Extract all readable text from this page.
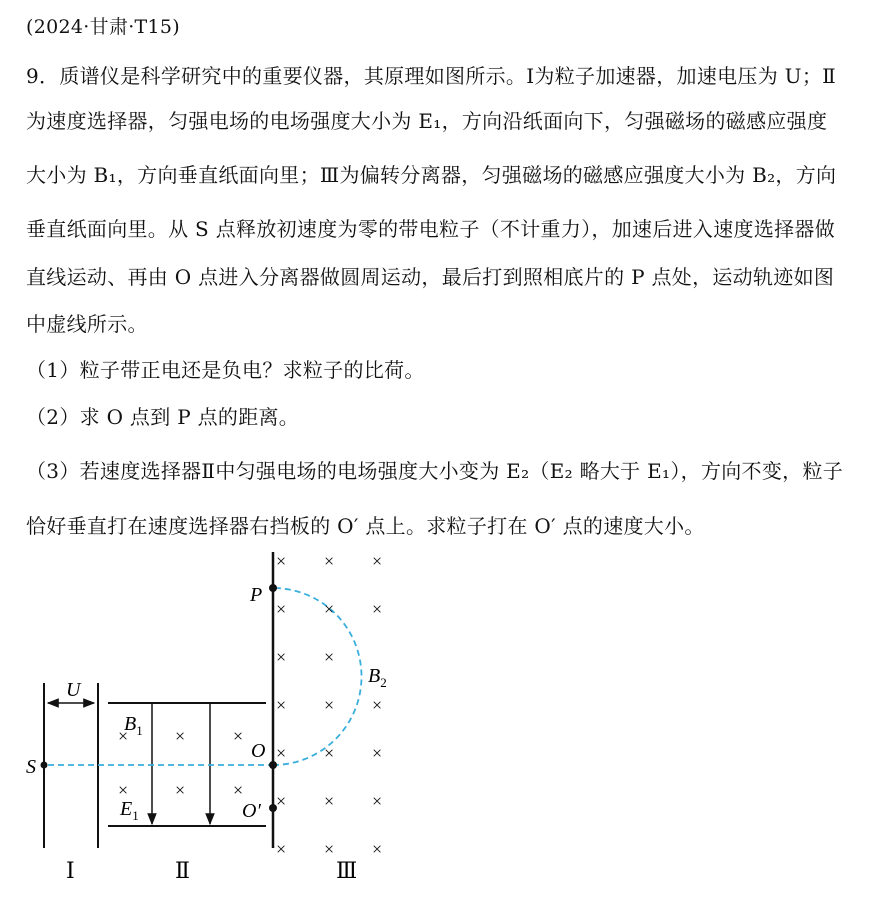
(2024·甘肃·T15)
9．质谱仪是科学研究中的重要仪器，其原理如图所示。Ⅰ为粒子加速器，加速电压为 U；Ⅱ
为速度选择器，匀强电场的电场强度大小为 E₁，方向沿纸面向下，匀强磁场的磁感应强度
大小为 B₁，方向垂直纸面向里；Ⅲ为偏转分离器，匀强磁场的磁感应强度大小为 B₂，方向
垂直纸面向里。从 S 点释放初速度为零的带电粒子（不计重力），加速后进入速度选择器做
直线运动、再由 O 点进入分离器做圆周运动，最后打到照相底片的 P 点处，运动轨迹如图
中虚线所示。
（1）粒子带正电还是负电？求粒子的比荷。
（2）求 O 点到 P 点的距离。
（3）若速度选择器Ⅱ中匀强电场的电场强度大小变为 E₂（E₂ 略大于 E₁），方向不变，粒子
恰好垂直打在速度选择器右挡板的 O′ 点上。求粒子打在 O′ 点的速度大小。
U
S
×	×	×
×	×	×
$B_1$
$E_1$
P
O
O′
× × ×
× × ×
× ×
× × ×
× × ×
× × ×
× × ×
$B_2$
Ⅰ	Ⅱ	Ⅲ
